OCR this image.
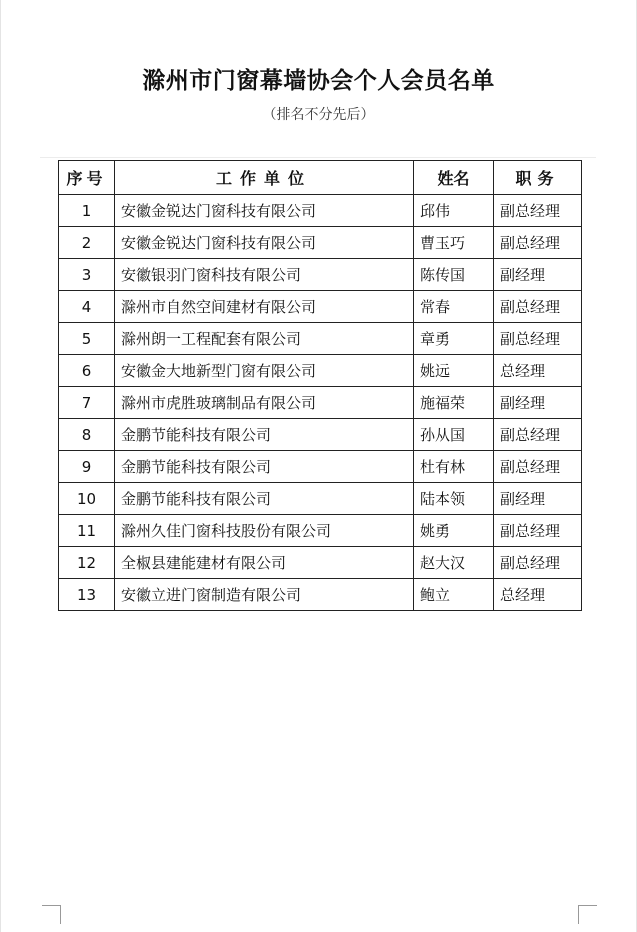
滁州市门窗幕墙协会个人会员名单
（排名不分先后）
序号	工作单位	姓名	职务
1	安徽金锐达门窗科技有限公司	邱伟	副总经理
2	安徽金锐达门窗科技有限公司	曹玉巧	副总经理
3	安徽银羽门窗科技有限公司	陈传国	副经理
4	滁州市自然空间建材有限公司	常春	副总经理
5	滁州朗一工程配套有限公司	章勇	副总经理
6	安徽金大地新型门窗有限公司	姚远	总经理
7	滁州市虎胜玻璃制品有限公司	施福荣	副经理
8	金鹏节能科技有限公司	孙从国	副总经理
9	金鹏节能科技有限公司	杜有林	副总经理
10	金鹏节能科技有限公司	陆本领	副经理
11	滁州久佳门窗科技股份有限公司	姚勇	副总经理
12	全椒县建能建材有限公司	赵大汉	副总经理
13	安徽立进门窗制造有限公司	鲍立	总经理
